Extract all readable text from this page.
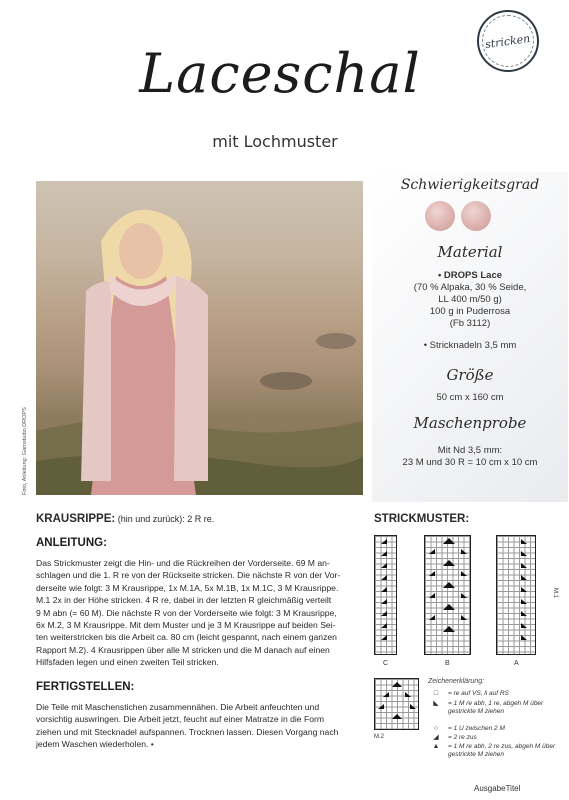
stricken
Laceschal
mit Lochmuster
Foto, Anleitung: Garnstudio DROPS
Schwierigkeitsgrad
Material
• DROPS Lace
(70 % Alpaka, 30 % Seide,
LL 400 m/50 g)
100 g in Puderrosa
(Fb 3112)
• Stricknadeln 3,5 mm
Größe
50 cm x 160 cm
Maschenprobe
Mit Nd 3,5 mm:
23 M und 30 R = 10 cm x 10 cm
KRAUSRIPPE: (hin und zurück): 2 R re.
ANLEITUNG:
Das Strickmuster zeigt die Hin- und die Rückreihen der Vorderseite. 69 M an-
schlagen und die 1. R re von der Rückseite stricken. Die nächste R von der Vor-
derseite wie folgt: 3 M Krausrippe, 1x M.1A, 5x M.1B, 1x M.1C, 3 M Krausrippe.
M.1 2x in der Höhe stricken. 4 R re, dabei in der letzten R gleichmäßig verteilt
9 M abn (= 60 M). Die nächste R von der Vorderseite wie folgt: 3 M Krausrippe,
6x M.2, 3 M Krausrippe. Mit dem Muster und je 3 M Krausrippe auf beiden Sei-
ten weiterstricken bis die Arbeit ca. 80 cm (leicht gespannt, nach einem ganzen
Rapport M.2). 4 Krausrippen über alle M stricken und die M danach auf einen
Hilfsfaden legen und einen zweiten Teil stricken.
FERTIGSTELLEN:
Die Teile mit Maschenstichen zusammennähen. Die Arbeit anfeuchten und
vorsichtig auswringen. Die Arbeit jetzt, feucht auf einer Matratze in die Form
ziehen und mit Stecknadel aufspannen. Trocknen lassen. Diesen Vorgang nach
jedem Waschen wiederholen. •
STRICKMUSTER:
C	B	A
M.1
M.2
Zeichenerklärung:
□	= re auf VS, li auf RS
◣	= 1 M re abh, 1 re, abgeh M über gestrickte M ziehen
○	= 1 U zwischen 2 M
◢	= 2 re zus
▲	= 1 M re abh, 2 re zus, abgeh M über gestrickte M ziehen
AusgabeTitel
